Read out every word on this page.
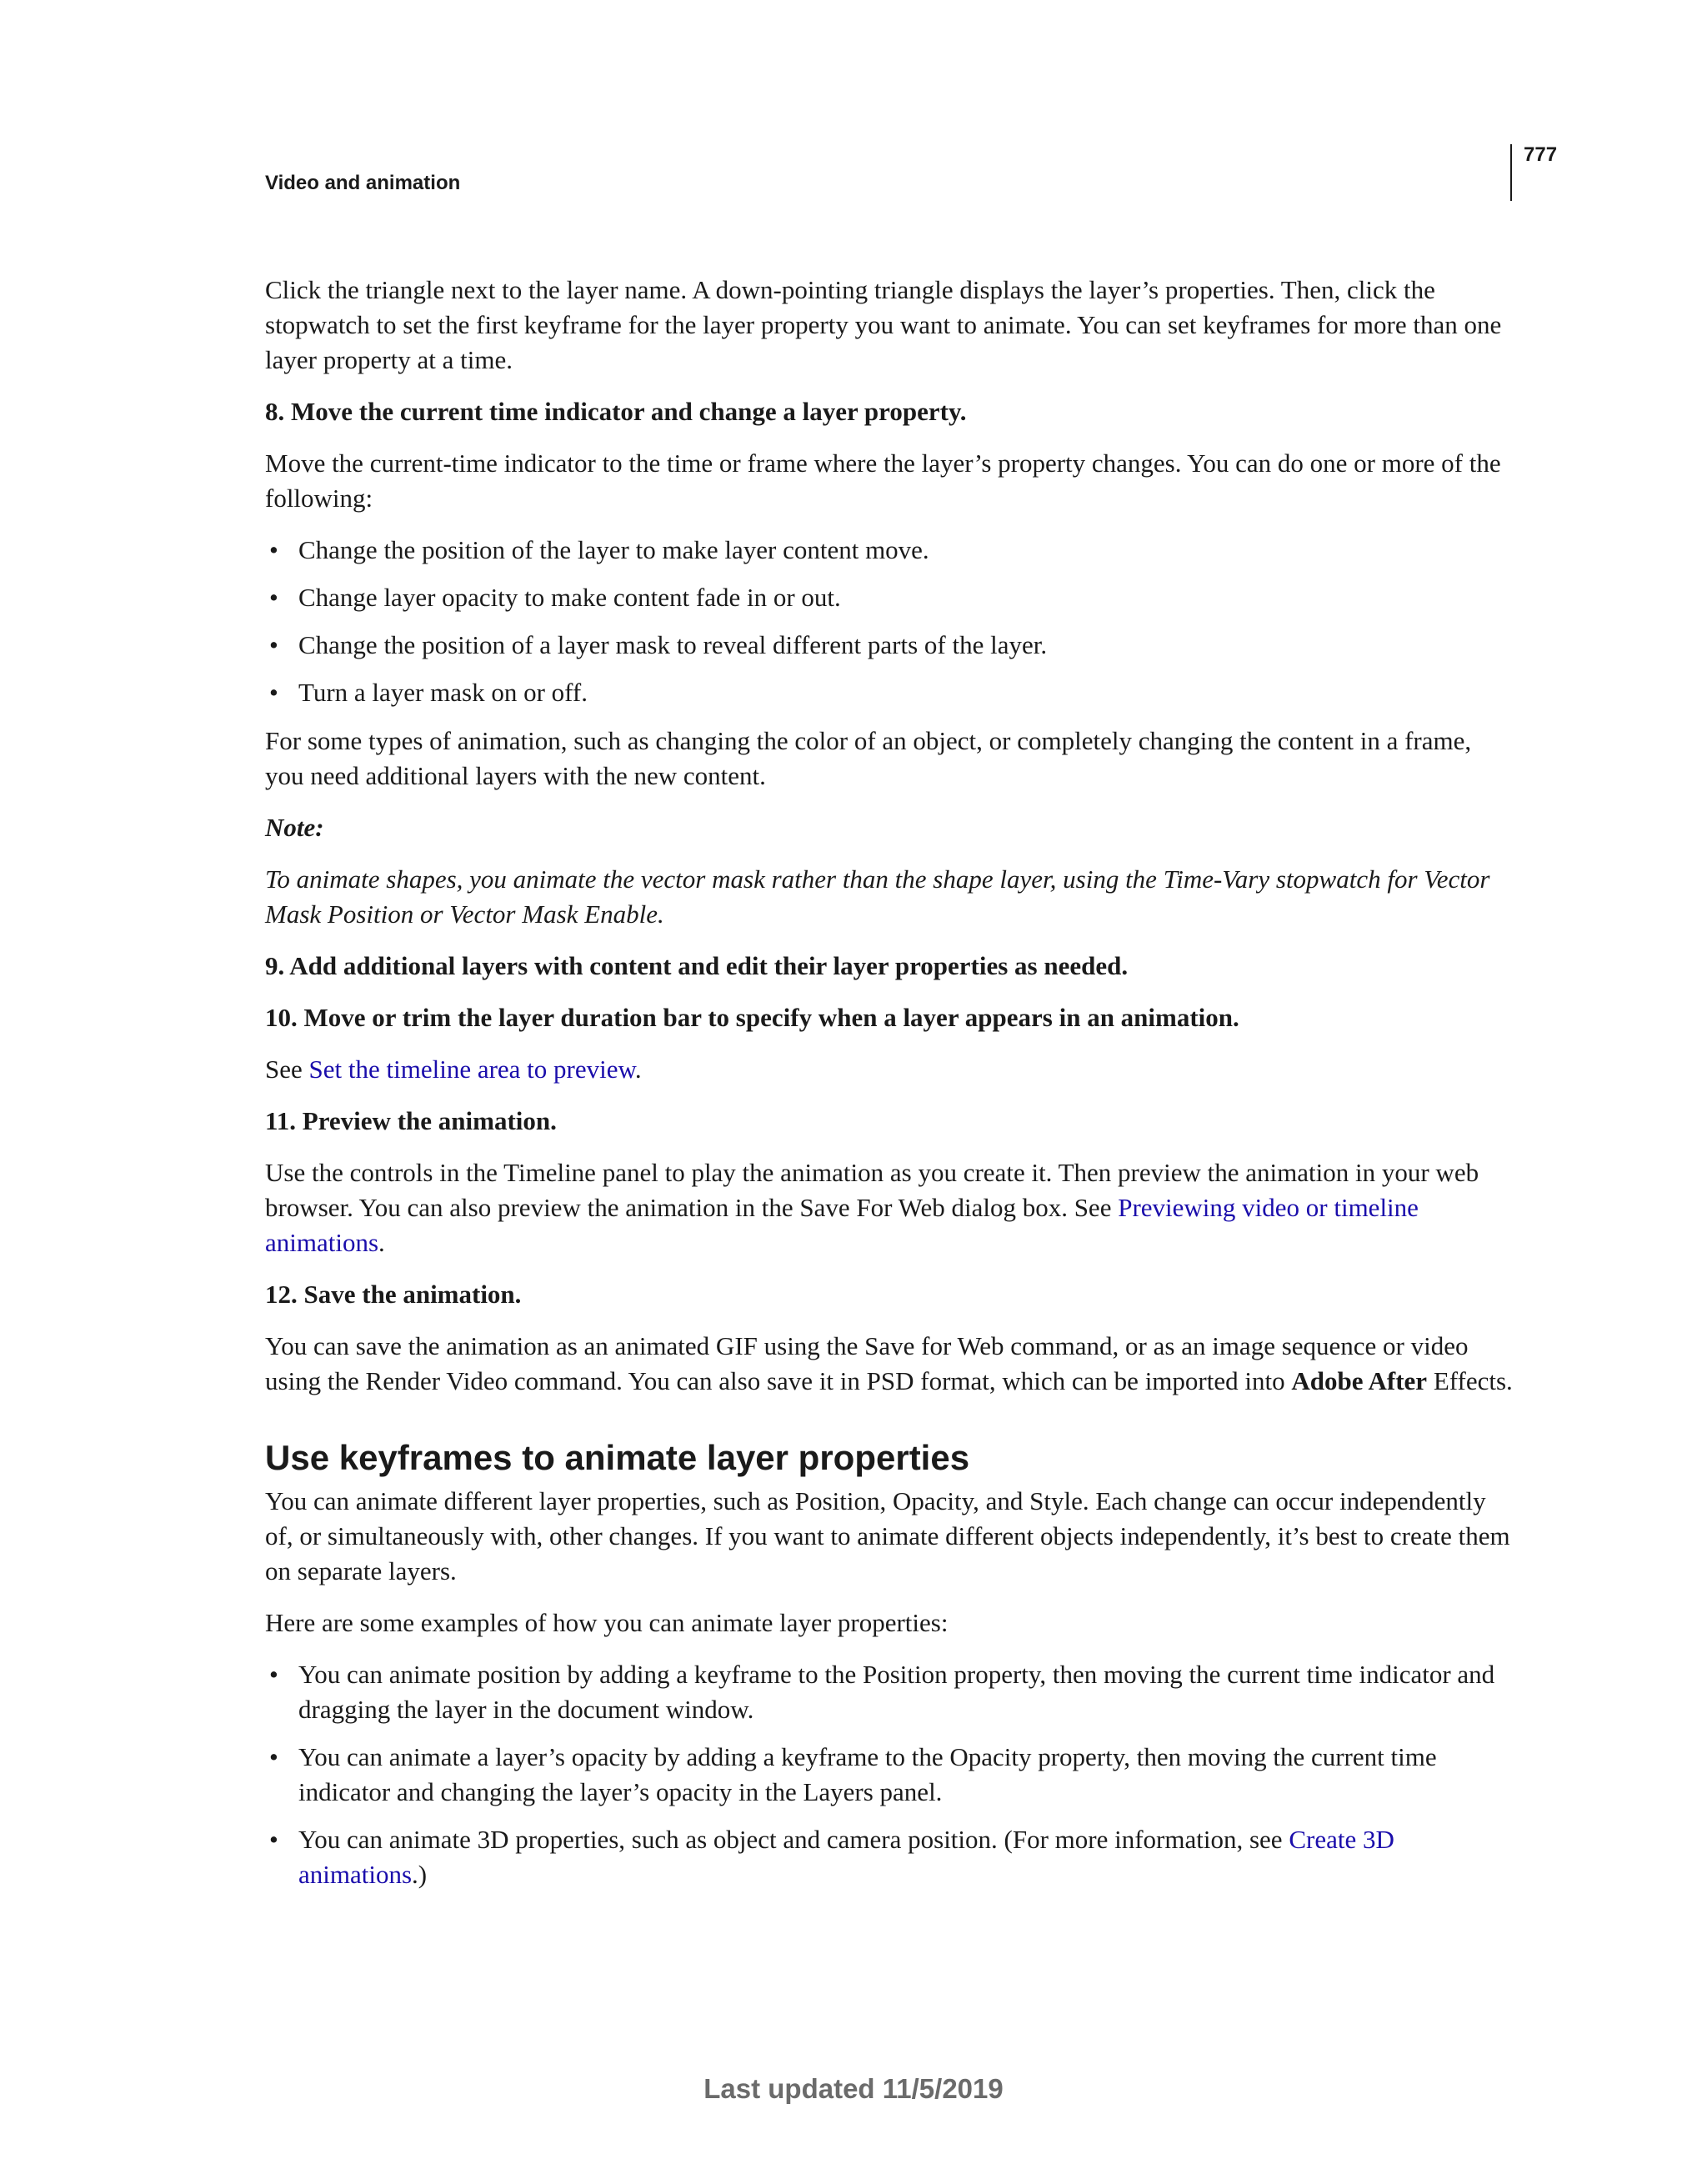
Video and animation
777

Click the triangle next to the layer name. A down-pointing triangle displays the layer’s properties. Then, click the stopwatch to set the first keyframe for the layer property you want to animate. You can set keyframes for more than one layer property at a time.

8. Move the current time indicator and change a layer property.

Move the current-time indicator to the time or frame where the layer’s property changes. You can do one or more of the following:

• Change the position of the layer to make layer content move.
• Change layer opacity to make content fade in or out.
• Change the position of a layer mask to reveal different parts of the layer.
• Turn a layer mask on or off.

For some types of animation, such as changing the color of an object, or completely changing the content in a frame, you need additional layers with the new content.

Note:

To animate shapes, you animate the vector mask rather than the shape layer, using the Time-Vary stopwatch for Vector Mask Position or Vector Mask Enable.

9. Add additional layers with content and edit their layer properties as needed.

10. Move or trim the layer duration bar to specify when a layer appears in an animation.

See Set the timeline area to preview.

11. Preview the animation.

Use the controls in the Timeline panel to play the animation as you create it. Then preview the animation in your web browser. You can also preview the animation in the Save For Web dialog box. See Previewing video or timeline animations.

12. Save the animation.

You can save the animation as an animated GIF using the Save for Web command, or as an image sequence or video using the Render Video command. You can also save it in PSD format, which can be imported into Adobe After Effects.

Use keyframes to animate layer properties

You can animate different layer properties, such as Position, Opacity, and Style. Each change can occur independently of, or simultaneously with, other changes. If you want to animate different objects independently, it’s best to create them on separate layers.

Here are some examples of how you can animate layer properties:

• You can animate position by adding a keyframe to the Position property, then moving the current time indicator and dragging the layer in the document window.
• You can animate a layer’s opacity by adding a keyframe to the Opacity property, then moving the current time indicator and changing the layer’s opacity in the Layers panel.
• You can animate 3D properties, such as object and camera position. (For more information, see Create 3D animations.)
Last updated 11/5/2019
